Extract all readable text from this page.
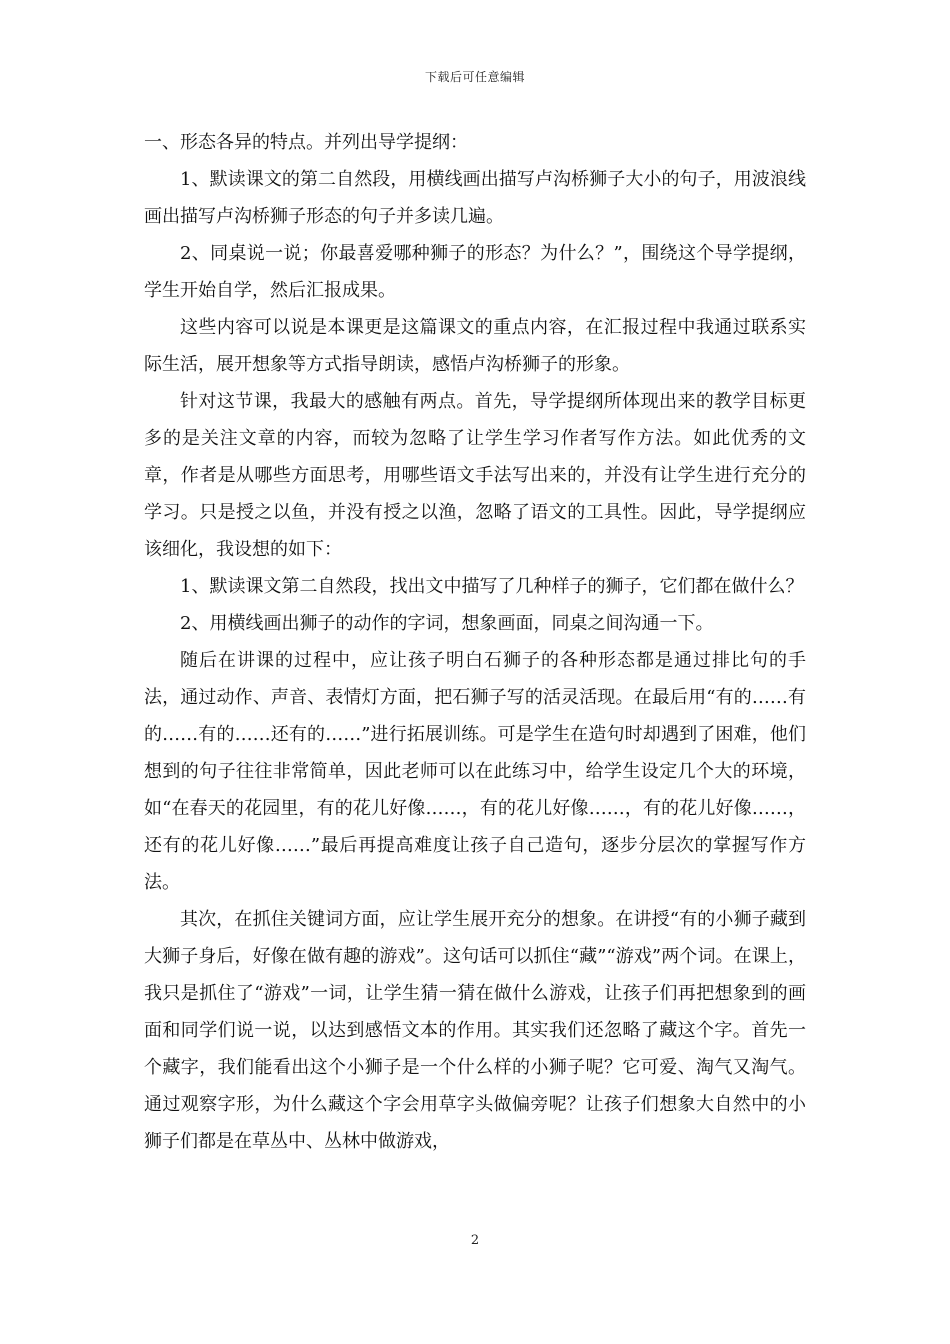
下载后可任意编辑

一、形态各异的特点。并列出导学提纲：

1、默读课文的第二自然段，用横线画出描写卢沟桥狮子大小的句子，用波浪线画出描写卢沟桥狮子形态的句子并多读几遍。

2、同桌说一说；你最喜爱哪种狮子的形态？为什么？”，围绕这个导学提纲，学生开始自学，然后汇报成果。

这些内容可以说是本课更是这篇课文的重点内容，在汇报过程中我通过联系实际生活，展开想象等方式指导朗读，感悟卢沟桥狮子的形象。

针对这节课，我最大的感触有两点。首先，导学提纲所体现出来的教学目标更多的是关注文章的内容，而较为忽略了让学生学习作者写作方法。如此优秀的文章，作者是从哪些方面思考，用哪些语文手法写出来的，并没有让学生进行充分的学习。只是授之以鱼，并没有授之以渔，忽略了语文的工具性。因此，导学提纲应该细化，我设想的如下：

1、默读课文第二自然段，找出文中描写了几种样子的狮子，它们都在做什么？

2、用横线画出狮子的动作的字词，想象画面，同桌之间沟通一下。

随后在讲课的过程中，应让孩子明白石狮子的各种形态都是通过排比句的手法，通过动作、声音、表情灯方面，把石狮子写的活灵活现。在最后用“有的……有的……有的……还有的……”进行拓展训练。可是学生在造句时却遇到了困难，他们想到的句子往往非常简单，因此老师可以在此练习中，给学生设定几个大的环境，如“在春天的花园里，有的花儿好像……，有的花儿好像……，有的花儿好像……，还有的花儿好像……”最后再提高难度让孩子自己造句，逐步分层次的掌握写作方法。

其次，在抓住关键词方面，应让学生展开充分的想象。在讲授“有的小狮子藏到大狮子身后，好像在做有趣的游戏”。这句话可以抓住“藏”“游戏”两个词。在课上，我只是抓住了“游戏”一词，让学生猜一猜在做什么游戏，让孩子们再把想象到的画面和同学们说一说，以达到感悟文本的作用。其实我们还忽略了藏这个字。首先一个藏字，我们能看出这个小狮子是一个什么样的小狮子呢？它可爱、淘气又淘气。通过观察字形，为什么藏这个字会用草字头做偏旁呢？让孩子们想象大自然中的小狮子们都是在草丛中、丛林中做游戏，

2
